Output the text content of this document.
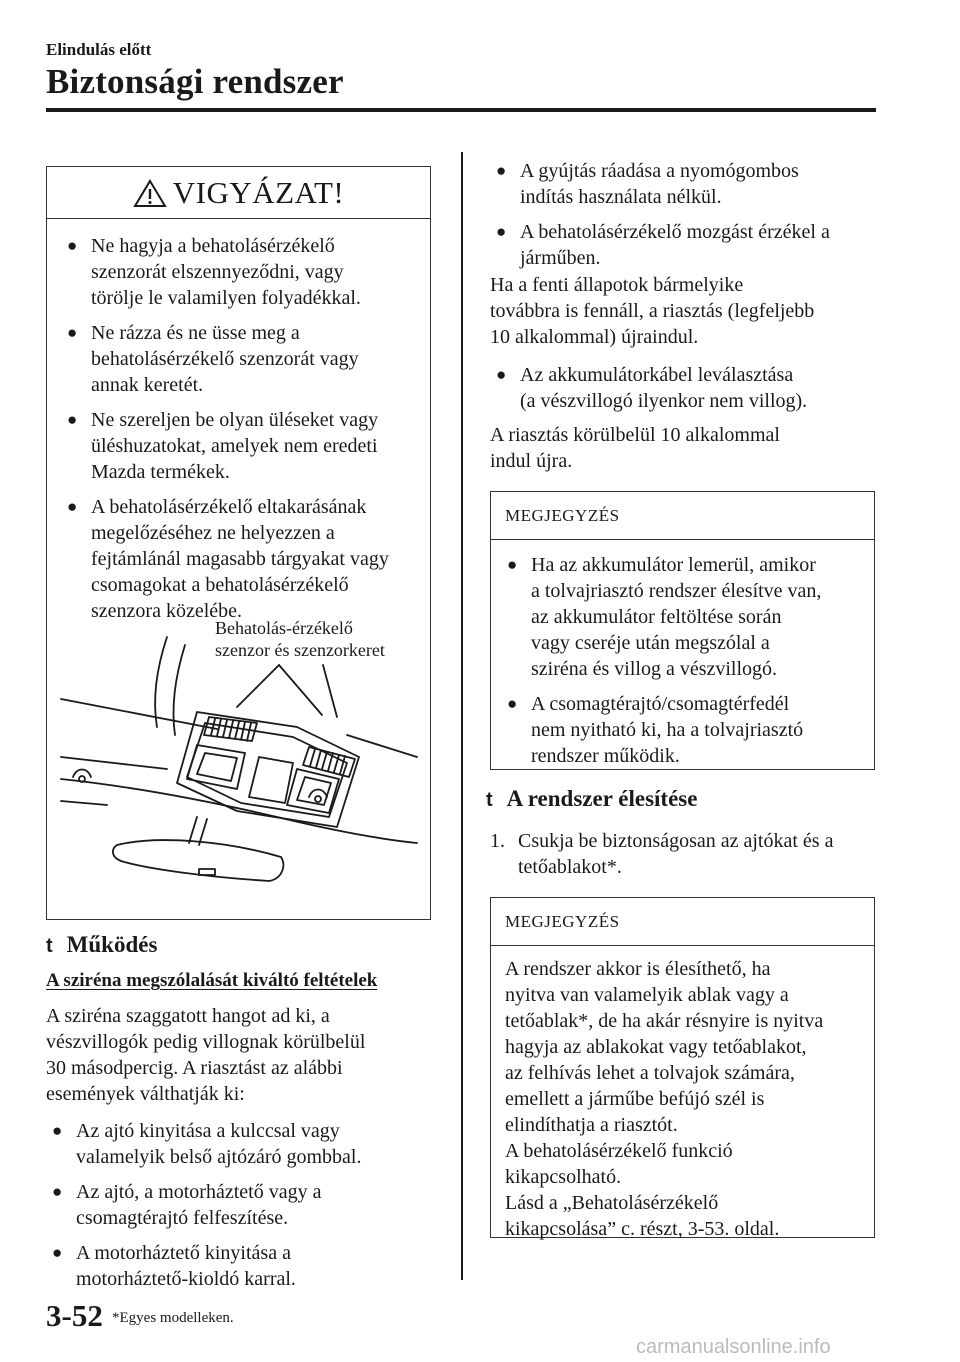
Elindulás előtt
Biztonsági rendszer
VIGYÁZAT!
● Ne hagyja a behatolásérzékelő
szenzorát elszennyeződni, vagy
törölje le valamilyen folyadékkal.
● Ne rázza és ne üsse meg a
behatolásérzékelő szenzorát vagy
annak keretét.
● Ne szereljen be olyan üléseket vagy
üléshuzatokat, amelyek nem eredeti
Mazda termékek.
● A behatolásérzékelő eltakarásának
megelőzéséhez ne helyezzen a
fejtámlánál magasabb tárgyakat vagy
csomagokat a behatolásérzékelő
szenzora közelébe.
Behatolás-érzékelő
szenzor és szenzorkeret
t Működés
A sziréna megszólalását kiváltó feltételek
A sziréna szaggatott hangot ad ki, a
vészvillogók pedig villognak körülbelül
30 másodpercig. A riasztást az alábbi
események válthatják ki:
● Az ajtó kinyitása a kulccsal vagy
valamelyik belső ajtózáró gombbal.
● Az ajtó, a motorháztető vagy a
csomagtérajtó felfeszítése.
● A motorháztető kinyitása a
motorháztető-kioldó karral.
● A gyújtás ráadása a nyomógombos
indítás használata nélkül.
● A behatolásérzékelő mozgást érzékel a
járműben.
Ha a fenti állapotok bármelyike
továbbra is fennáll, a riasztás (legfeljebb
10 alkalommal) újraindul.
● Az akkumulátorkábel leválasztása
(a vészvillogó ilyenkor nem villog).
A riasztás körülbelül 10 alkalommal
indul újra.
MEGJEGYZÉS
● Ha az akkumulátor lemerül, amikor
a tolvajriasztó rendszer élesítve van,
az akkumulátor feltöltése során
vagy cseréje után megszólal a
sziréna és villog a vészvillogó.
● A csomagtérajtó/csomagtérfedél
nem nyitható ki, ha a tolvajriasztó
rendszer működik.
t A rendszer élesítése
1. Csukja be biztonságosan az ajtókat és a
tetőablakot*.
MEGJEGYZÉS
A rendszer akkor is élesíthető, ha
nyitva van valamelyik ablak vagy a
tetőablak*, de ha akár résnyire is nyitva
hagyja az ablakokat vagy tetőablakot,
az felhívás lehet a tolvajok számára,
emellett a járműbe befújó szél is
elindíthatja a riasztót.
A behatolásérzékelő funkció
kikapcsolható.
Lásd a „Behatolásérzékelő
kikapcsolása” c. részt, 3-53. oldal.
3-52 *Egyes modelleken.
carmanualsonline.info
